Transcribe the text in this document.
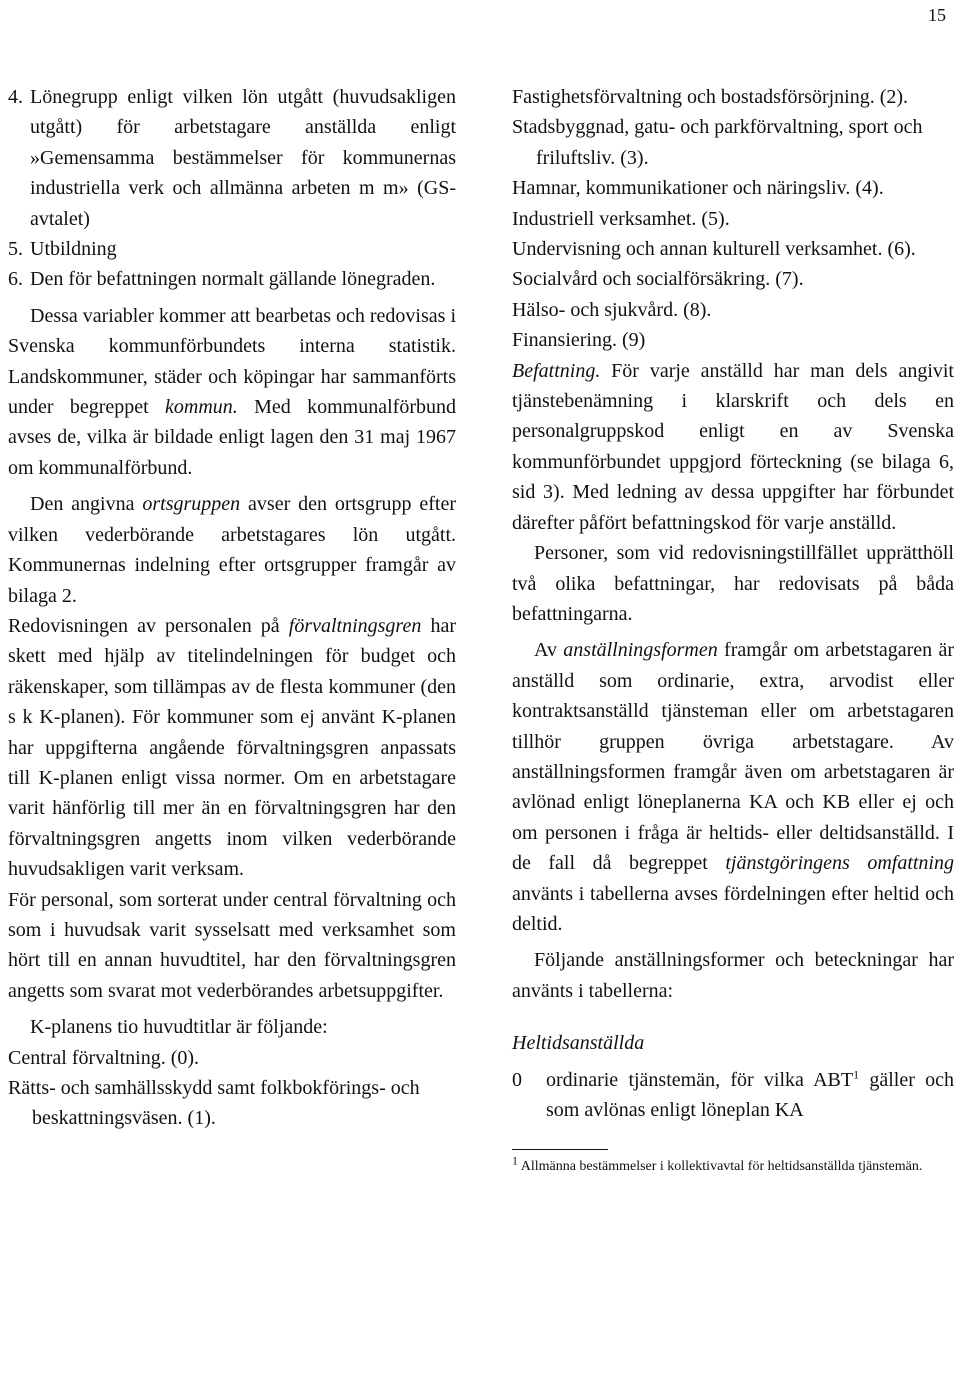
15
4. Lönegrupp enligt vilken lön utgått (huvudsakligen utgått) för arbetstagare anställda enligt »Gemensamma bestämmelser för kommunernas industriella verk och allmänna arbeten m m» (GS-avtalet)
5. Utbildning
6. Den för befattningen normalt gällande lönegraden.

Dessa variabler kommer att bearbetas och redovisas i Svenska kommunförbundets interna statistik. Landskommuner, städer och köpingar har sammanförts under begreppet kommun. Med kommunalförbund avses de, vilka är bildade enligt lagen den 31 maj 1967 om kommunalförbund.

Den angivna ortsgruppen avser den ortsgrupp efter vilken vederbörande arbetstagares lön utgått. Kommunernas indelning efter ortsgrupper framgår av bilaga 2.

Redovisningen av personalen på förvaltningsgren har skett med hjälp av titelindelningen för budget och räkenskaper, som tillämpas av de flesta kommuner (den s k K-planen). För kommuner som ej använt K-planen har uppgifterna angående förvaltningsgren anpassats till K-planen enligt vissa normer. Om en arbetstagare varit hänförlig till mer än en förvaltningsgren har den förvaltningsgren angetts inom vilken vederbörande huvudsakligen varit verksam.

För personal, som sorterat under central förvaltning och som i huvudsak varit sysselsatt med verksamhet som hört till en annan huvudtitel, har den förvaltningsgren angetts som svarat mot vederbörandes arbetsuppgifter.

K-planens tio huvudtitlar är följande:

Central förvaltning. (0).

Rätts- och samhällsskydd samt folkbokförings- och beskattningsväsen. (1).

Fastighetsförvaltning och bostadsförsörjning. (2).

Stadsbyggnad, gatu- och parkförvaltning, sport och friluftsliv. (3).

Hamnar, kommunikationer och näringsliv. (4).

Industriell verksamhet. (5).

Undervisning och annan kulturell verksamhet. (6).

Socialvård och socialförsäkring. (7).

Hälso- och sjukvård. (8).

Finansiering. (9)

Befattning. För varje anställd har man dels angivit tjänstebenämning i klarskrift och dels en personalgruppskod enligt en av Svenska kommunförbundet uppgjord förteckning (se bilaga 6, sid 3). Med ledning av dessa uppgifter har förbundet därefter påfört befattningskod för varje anställd.

Personer, som vid redovisningstillfället upprätthöll två olika befattningar, har redovisats på båda befattningarna.

Av anställningsformen framgår om arbetstagaren är anställd som ordinarie, extra, arvodist eller kontraktsanställd tjänsteman eller om arbetstagaren tillhör gruppen övriga arbetstagare. Av anställningsformen framgår även om arbetstagaren är avlönad enligt löneplanerna KA och KB eller ej och om personen i fråga är heltids- eller deltidsanställd. I de fall då begreppet tjänstgöringens omfattning använts i tabellerna avses fördelningen efter heltid och deltid.

Följande anställningsformer och beteckningar har använts i tabellerna:

Heltidsanställda

0	ordinarie tjänstemän, för vilka ABT$^1$ gäller och som avlönas enligt löneplan KA

$^1$ Allmänna bestämmelser i kollektivavtal för heltidsanställda tjänstemän.
